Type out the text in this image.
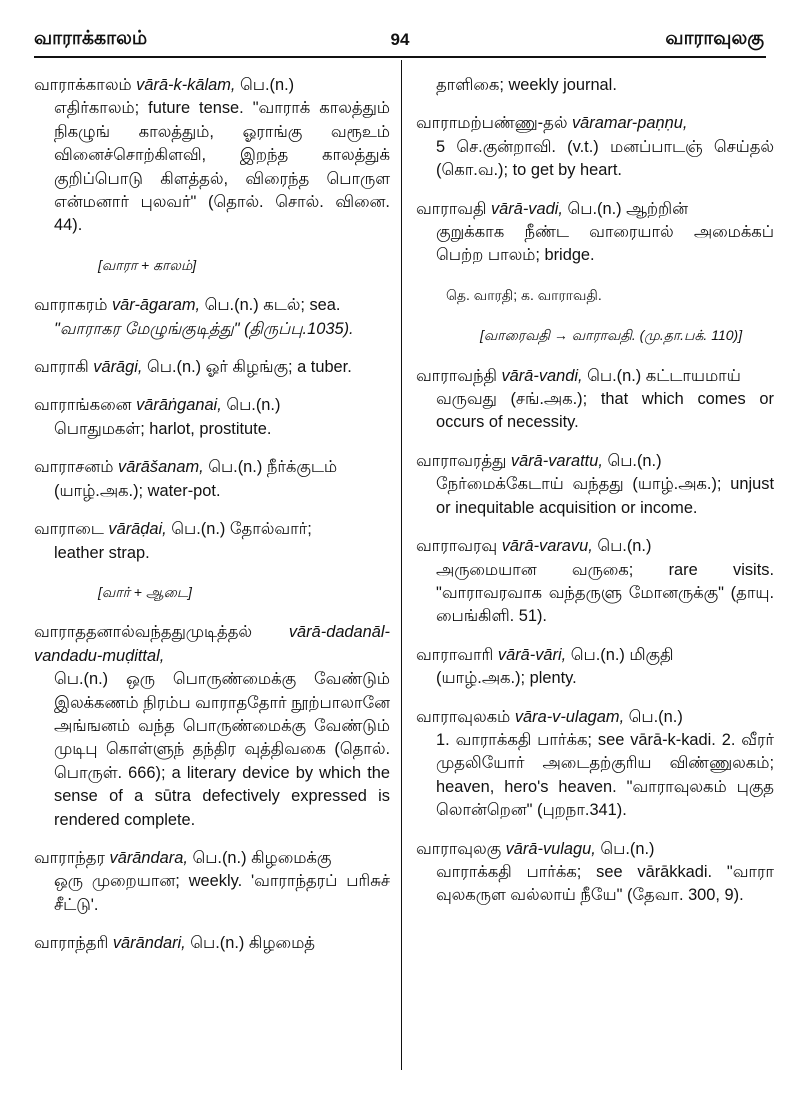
வாராக்காலம்	94	வாராவுலகு
வாராக்காலம் vārā-k-kālam, பெ.(n.)
எதிர்காலம்; future tense. "வாராக் காலத்தும் நிகழுங் காலத்தும், ஓராங்கு வரூஉம் வினைச்சொற்கிளவி, இறந்த காலத்துக் குறிப்பொடு கிளத்தல், விரைந்த பொருள என்மனார் புலவர்" (தொல். சொல். வினை. 44).
[வாரா + காலம்]
வாராகரம் vār-āgaram, பெ.(n.) கடல்; sea.
"வாராகர மேழுங்குடித்து" (திருப்பு.1035).
வாராகி vārāgi, பெ.(n.) ஓர் கிழங்கு; a tuber.
வாராங்கனை vārāṅganai, பெ.(n.)
பொதுமகள்; harlot, prostitute.
வாராசனம் vārāšanam, பெ.(n.) நீர்க்குடம்
(யாழ்.அக.); water-pot.
வாராடை vārāḍai, பெ.(n.) தோல்வார்;
leather strap.
[வார் + ஆடை]
வாராததனால்வந்ததுமுடித்தல் vārā-dadanāl-vandadu-muḍittal,
பெ.(n.) ஒரு பொருண்மைக்கு வேண்டும் இலக்கணம் நிரம்ப வாராததோர் நூற்பாலானே அங்ஙனம் வந்த பொருண்மைக்கு வேண்டும் முடிபு கொள்ளுந் தந்திர வுத்திவகை (தொல். பொருள். 666); a literary device by which the sense of a sūtra defectively expressed is rendered complete.
வாராந்தர vārāndara, பெ.(n.) கிழமைக்கு
ஒரு முறையான; weekly. 'வாராந்தரப் பரிசுச் சீட்டு'.
வாராந்தரி vārāndari, பெ.(n.) கிழமைத்
தாளிகை; weekly journal.
வாராமற்பண்ணு-தல் vāramar-paṇṇu,
5 செ.குன்றாவி. (v.t.) மனப்பாடஞ் செய்தல் (கொ.வ.); to get by heart.
வாராவதி vārā-vadi, பெ.(n.) ஆற்றின்
குறுக்காக நீண்ட வாரையால் அமைக்கப் பெற்ற பாலம்; bridge.
தெ. வாரதி; க. வாராவதி.
[வாரைவதி → வாராவதி. (மு.தா.பக். 110)]
வாராவந்தி vārā-vandi, பெ.(n.) கட்டாயமாய்
வருவது (சங்.அக.); that which comes or occurs of necessity.
வாராவரத்து vārā-varattu, பெ.(n.)
நேர்மைக்கேடாய் வந்தது (யாழ்.அக.); unjust or inequitable acquisition or income.
வாராவரவு vārā-varavu, பெ.(n.)
அருமையான வருகை; rare visits. "வாராவரவாக வந்தருளு மோனருக்கு" (தாயு. பைங்கிளி. 51).
வாராவாரி vārā-vāri, பெ.(n.) மிகுதி
(யாழ்.அக.); plenty.
வாராவுலகம் vāra-v-ulagam, பெ.(n.)
1. வாராக்கதி பார்க்க; see vārā-k-kadi. 2. வீரர் முதலியோர் அடைதற்குரிய விண்ணுலகம்; heaven, hero's heaven. "வாராவுலகம் புகுத லொன்றென" (புறநா.341).
வாராவுலகு vārā-vulagu, பெ.(n.)
வாராக்கதி பார்க்க; see vārākkadi. "வாரா வுலகருள வல்லாய் நீயே" (தேவா. 300, 9).
